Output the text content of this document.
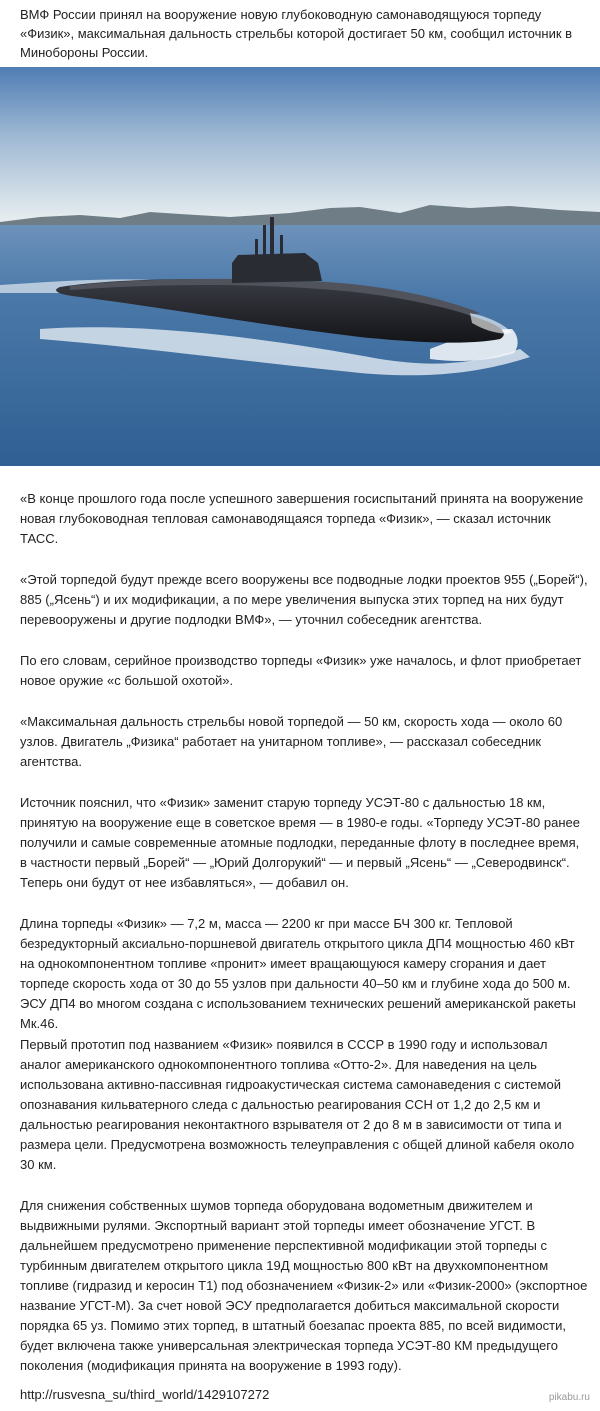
ВМФ России принял на вооружение новую глубоководную самонаводящуюся торпеду «Физик», максимальная дальность стрельбы которой достигает 50 км, сообщил источник в Минобороны России.

«В конце прошлого года после успешного завершения госиспытаний принята на вооружение новая глубоководная тепловая самонаводящаяся торпеда «Физик», — сказал источник ТАСС.

«Этой торпедой будут прежде всего вооружены все подводные лодки проектов 955 („Борей“), 885 („Ясень“) и их модификации, а по мере увеличения выпуска этих торпед на них будут перевооружены и другие подлодки ВМФ», — уточнил собеседник агентства.

По его словам, серийное производство торпеды «Физик» уже началось, и флот приобретает новое оружие «с большой охотой».

«Максимальная дальность стрельбы новой торпедой — 50 км, скорость хода — около 60 узлов. Двигатель „Физика“ работает на унитарном топливе», — рассказал собеседник агентства.

Источник пояснил, что «Физик» заменит старую торпеду УСЭТ-80 с дальностью 18 км, принятую на вооружение еще в советское время — в 1980-е годы. «Торпеду УСЭТ-80 ранее получили и самые современные атомные подлодки, переданные флоту в последнее время, в частности первый „Борей“ — „Юрий Долгорукий“ — и первый „Ясень“ — „Северодвинск“. Теперь они будут от нее избавляться», — добавил он.

Длина торпеды «Физик» — 7,2 м, масса — 2200 кг при массе БЧ 300 кг. Тепловой безредукторный аксиально-поршневой двигатель открытого цикла ДП4 мощностью 460 кВт на однокомпонентном топливе «пронит» имеет вращающуюся камеру сгорания и дает торпеде скорость хода от 30 до 55 узлов при дальности 40–50 км и глубине хода до 500 м. ЭСУ ДП4 во многом создана с использованием технических решений американской ракеты Мк.46.

Первый прототип под названием «Физик» появился в СССР в 1990 году и использовал аналог американского однокомпонентного топлива «Отто-2». Для наведения на цель использована активно-пассивная гидроакустическая система самонаведения с системой опознавания кильватерного следа с дальностью реагирования ССН от 1,2 до 2,5 км и дальностью реагирования неконтактного взрывателя от 2 до 8 м в зависимости от типа и размера цели. Предусмотрена возможность телеуправления с общей длиной кабеля около 30 км.

Для снижения собственных шумов торпеда оборудована водометным движителем и выдвижными рулями. Экспортный вариант этой торпеды имеет обозначение УГСТ. В дальнейшем предусмотрено применение перспективной модификации этой торпеды с турбинным двигателем открытого цикла 19Д мощностью 800 кВт на двухкомпонентном топливе (гидразид и керосин Т1) под обозначением «Физик-2» или «Физик-2000» (экспортное название УГСТ-М). За счет новой ЭСУ предполагается добиться максимальной скорости порядка 65 уз. Помимо этих торпед, в штатный боезапас проекта 885, по всей видимости, будет включена также универсальная электрическая торпеда УСЭТ-80 КМ предыдущего поколения (модификация принята на вооружение в 1993 году).

http://rusvesna_su/third_world/1429107272	pikabu.ru
